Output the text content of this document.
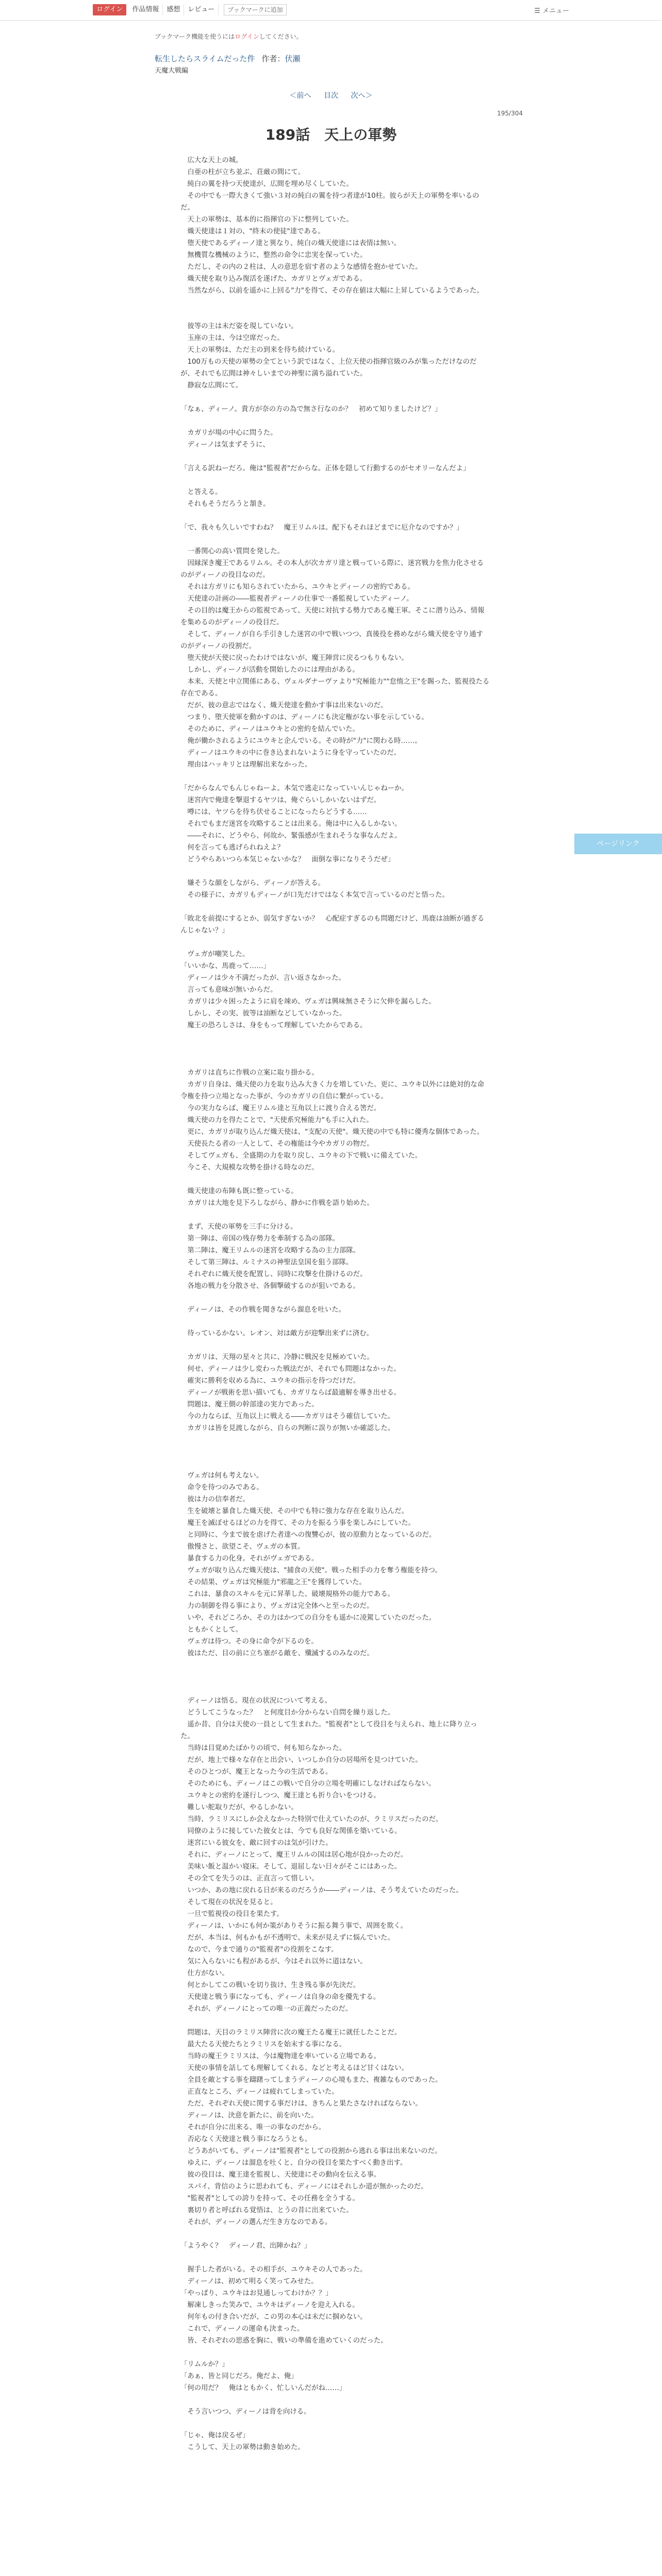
ログイン	作品情報	感想	レビュー	ブックマークに追加	☰ メニュー
ブックマーク機能を使うにはログインしてください。
転生したらスライムだった件 作者：伏瀬
天魔大戦編
＜前へ 目次 次へ＞
195/304
189話　天上の軍勢

　広大な天上の城。

　白亜の柱が立ち並ぶ、荘厳の間にて。

　純白の翼を持つ天使達が、広間を埋め尽くしていた。

　その中でも一際大きくて強い３対の純白の翼を持つ者達が10柱。彼らが天上の軍勢を率いるのだ。

　天上の軍勢は、基本的に指揮官の下に整列していた。

　熾天使達は１対の、"終末の使徒"達である。

　堕天使であるディーノ達と異なり、純白の熾天使達には表情は無い。

　無機質な機械のように、整然の命令に忠実を保っていた。

　ただし、その内の２柱は、人の意思を宿す者のような感情を抱かせていた。

　熾天使を取り込み復活を遂げた、カガリとヴェガである。

　当然ながら、以前を遥かに上回る"力"を得て、その存在値は大幅に上昇しているようであった。

　彼等の主は未だ姿を現していない。

　玉座の主は、今は空席だった。

　天上の軍勢は、ただ主の到来を待ち続けている。

　100万もの天使の軍勢の全てという訳ではなく、上位天使の指揮官級のみが集っただけなのだが、それでも広間は神々しいまでの神聖に満ち溢れていた。

　静寂な広間にて。

「なぁ、ディーノ。貴方が奈の方の為で無さ行なのか？　初めて知りましたけど？」

　カガリが場の中心に問うた。

　ディーノは気まずそうに、

「言える訳ねーだろ。俺は"監視者"だからな。正体を隠して行動するのがセオリーなんだよ」

　と答える。

　それもそうだろうと頷き。

「で、我々も久しいですわね？　魔王リムルは。配下もそれほどまでに厄介なのですか？」

　一番関心の高い質問を発した。

　因縁深き魔王であるリムル。その本人が次カガリ達と戦っている際に、迷宮戦力を焦力化させるのがディーノの役目なのだ。

　それは方ガリにも知らされていたから、ユウキとディーノの密約である。

　天使達の計画の――監視者ディーノの仕事で一番監視していたディーノ。

　その目的は魔王からの監視であって、天使に対抗する勢力である魔王軍。そこに潜り込み、情報を集めるのがディーノの役目だ。

　そして、ディーノが自ら手引きした迷宮の中で戦いつつ、真後役を務めながら熾天使を守り通すのがディーノの役割だ。

　堕天使が天使に戻ったわけではないが、魔王陣営に戻るつもりもない。

　しかし、ディーノが活動を開始したのには理由がある。

　本来、天使と中立関係にある、ヴェルダナーヴァより"究極能力""怠惰之王"を賜った、監視役たる存在である。

　だが、彼の意志ではなく、熾天使達を動かす事は出来ないのだ。

　つまり、堕天使軍を動かすのは、ディーノにも決定権がない事を示している。

　そのために、ディーノはユウキとの密約を結んでいた。

　俺が働かされるようにユウキと企んでいる。その時が"力"に関わる時……。

　ディーノはユウキの中に巻き込まれないように身を守っていたのだ。

　理由はハッキリとは理解出来なかった。

「だからなんでもんじゃねーよ。本気で逃走になっていいんじゃねーか。

　迷宮内で俺達を撃退するヤツは、俺ぐらいしかいないはずだ。

　噂には、ヤツらを待ち伏せることになったらどうする……

　それでもまだ迷宮を攻略することは出来る。俺は中に入るしかない。

　――それに、どうやら、何故か、緊張感が生まれそうな事なんだよ。

　何を言っても逃げられねえよ？

　どうやらあいつら本気じゃないかな？　面倒な事になりそうだぜ」

　嫌そうな顔をしながら、ディーノが答える。

　その様子に、カガリもディーノが口先だけではなく本気で言っているのだと悟った。

「敗北を前提にするとか、弱気すぎないか？　心配症すぎるのも問題だけど、馬鹿は油断が過ぎるんじゃない？」

　ヴェガが嘲笑した。

「いいかな、馬鹿って……」

　ディーノは少々不満だったが、言い返さなかった。

　言っても意味が無いからだ。

　カガリは少々困ったように肩を竦め、ヴェガは興味無さそうに欠伸を漏らした。

　しかし、その実、彼等は油断などしていなかった。

　魔王の恐ろしさは、身をもって理解していたからである。

　カガリは直ちに作戦の立案に取り掛かる。

　カガリ自身は、熾天使の力を取り込み大きく力を増していた。更に、ユウキ以外には絶対的な命令権を持つ立場となった事が、今のカガリの自信に繋がっている。

　今の実力ならば、魔王リムル達と互角以上に渡り合える筈だ。

　熾天使の力を得たことで、"天使系究極能力"も手に入れた。

　更に、カガリが取り込んだ熾天使は、"支配の天使"。熾天使の中でも特に優秀な個体であった。

　天使長たる者の一人として、その権能は今やカガリの物だ。

　そしてヴェガも、全盛期の力を取り戻し、ユウキの下で戦いに備えていた。

　今こそ、大規模な攻勢を掛ける時なのだ。

　熾天使達の布陣も既に整っている。

　カガリは大地を見下ろしながら、静かに作戦を語り始めた。

　まず、天使の軍勢を三手に分ける。

　第一陣は、帝国の残存勢力を牽制する為の部隊。

　第二陣は、魔王リムルの迷宮を攻略する為の主力部隊。

　そして第三陣は、ルミナスの神聖法皇国を狙う部隊。

　それぞれに熾天使を配置し、同時に攻撃を仕掛けるのだ。

　各地の戦力を分散させ、各個撃破するのが狙いである。

　ディーノは、その作戦を聞きながら溜息を吐いた。

　待っているかない。レオン、対は敵方が迎撃出来ずに済む。

　カガリは、天翔の星々と共に、冷静に戦況を見極めていた。

　何せ、ディーノは少し変わった戦法だが、それでも問題はなかった。

　確実に勝利を収める為に、ユウキの指示を待つだけだ。

　ディーノが戦術を思い描いても、カガリならば最適解を導き出せる。

　問題は、魔王側の幹部達の実力であった。

　今の力ならば、互角以上に戦える――カガリはそう確信していた。

　カガリは皆を見渡しながら、自らの判断に誤りが無いか確認した。

　ヴェガは何も考えない。

　命令を待つのみである。

　彼は力の信奉者だ。

　生を破壊と暴食した熾天使、その中でも特に強力な存在を取り込んだ。

　魔王を滅ぼせるほどの力を得て、その力を振るう事を楽しみにしていた。

　と同時に、今まで彼を虐げた者達への復讐心が、彼の原動力となっているのだ。

　傲慢さと、欲望こそ、ヴェガの本質。

　暴食する力の化身。それがヴェガである。

　ヴェガが取り込んだ熾天使は、"捕食の天使"。戦った相手の力を奪う権能を持つ。

　その結果、ヴェガは究極能力"邪龍之王"を獲得していた。

　これは、暴食のスキルを元に昇華した、破壊規格外の能力である。

　力の制御を得る事により、ヴェガは完全体へと至ったのだ。

　いや、それどころか、その力はかつての自分をも遥かに凌駕していたのだった。

　ともかくとして。

　ヴェガは待つ。その身に命令が下るのを。

　彼はただ、目の前に立ち塞がる敵を、殲滅するのみなのだ。

　ディーノは悟る。現在の状況について考える。

　どうしてこうなった？　と何度目か分からない自問を繰り返した。

　遥か昔、自分は天使の一員として生まれた。"監視者"として役目を与えられ、地上に降り立った。

　当時は目覚めたばかりの頃で、何も知らなかった。

　だが、地上で様々な存在と出会い、いつしか自分の居場所を見つけていた。

　そのひとつが、魔王となった今の生活である。

　そのためにも、ディーノはこの戦いで自分の立場を明確にしなければならない。

　ユウキとの密約を遂行しつつ、魔王達とも折り合いをつける。

　難しい舵取りだが、やるしかない。

　当時、ラミリスにしか会えなかった特別で仕えていたのが、ラミリスだったのだ。

　同僚のように接していた彼女とは、今でも良好な関係を築いている。

　迷宮にいる彼女を、敵に回すのは気が引けた。

　それに、ディーノにとって、魔王リムルの国は居心地が良かったのだ。

　美味い飯と温かい寝床。そして、退屈しない日々がそこにはあった。

　その全てを失うのは、正直言って惜しい。

　いつか、あの地に戻れる日が来るのだろうか――ディーノは、そう考えていたのだった。

　そして現在の状況を見ると。

　一旦で監視役の役目を果たす。

　ディーノは、いかにも何か策がありそうに振る舞う事で、周囲を欺く。

　だが、本当は、何もかもが不透明で、未来が見えずに悩んでいた。

　なので、今まで通りの"監視者"の役割をこなす。

　気に入らないにも程があるが、今はそれ以外に道はない。

　仕方がない。

　何とかしてこの戦いを切り抜け、生き残る事が先決だ。

　天使達と戦う事になっても、ディーノは自身の命を優先する。

　それが、ディーノにとっての唯一の正義だったのだ。

　問題は、天目のラミリス陣営に次の魔王たる魔王に就任したことだ。

　最大たる天使たちとラミリスを始末する事になる。

　当時の魔王ラミリスは、今は魔物達を率いている立場である。

　天使の事情を話しても理解してくれる、などと考えるほど甘くはない。

　全員を敵とする事を躊躇ってしまうディーノの心境もまた、複雑なものであった。

　正直なところ、ディーノは疲れてしまっていた。

　ただ、それぞれ天使に関する事だけは、きちんと果たさなければならない。

　ディーノは、決意を新たに、前を向いた。

　それが自分に出来る、唯一の事なのだから。

　否応なく天使達と戦う事になろうとも。

　どうあがいても、ディーノは"監視者"としての役割から逃れる事は出来ないのだ。

　ゆえに、ディーノは溜息を吐くと、自分の役目を果たすべく動き出す。

　彼の役目は、魔王達を監視し、天使達にその動向を伝える事。

　スパイ、背信のように思われても、ディーノにはそれしか道が無かったのだ。

　"監視者"としての誇りを持って、その任務を全うする。

　裏切り者と呼ばれる覚悟は、とうの昔に出来ていた。

　それが、ディーノの選んだ生き方なのである。

「ようやく？　ディーノ君、出陣かね？」

　握手した者がいる。その相手が、ユウキその人であった。

　ディーノは、初めて明るく笑ってみせた。

「やっぱり、ユウキはお見通しってわけか？？」

　解凍しきった笑みで、ユウキはディーノを迎え入れる。

　何年もの付き合いだが、この男の本心は未だに掴めない。

　これで、ディーノの運命も決まった。

　皆、それぞれの思惑を胸に、戦いの準備を進めていくのだった。

「リムルか？」

「あぁ、皆と同じだろ。俺だよ、俺」

「何の用だ？　俺はともかく、忙しいんだがね……」

　そう言いつつ、ディーノは背を向ける。

「じゃ、俺は戻るぜ」

　こうして、天上の軍勢は動き始めた。

ページリンク
